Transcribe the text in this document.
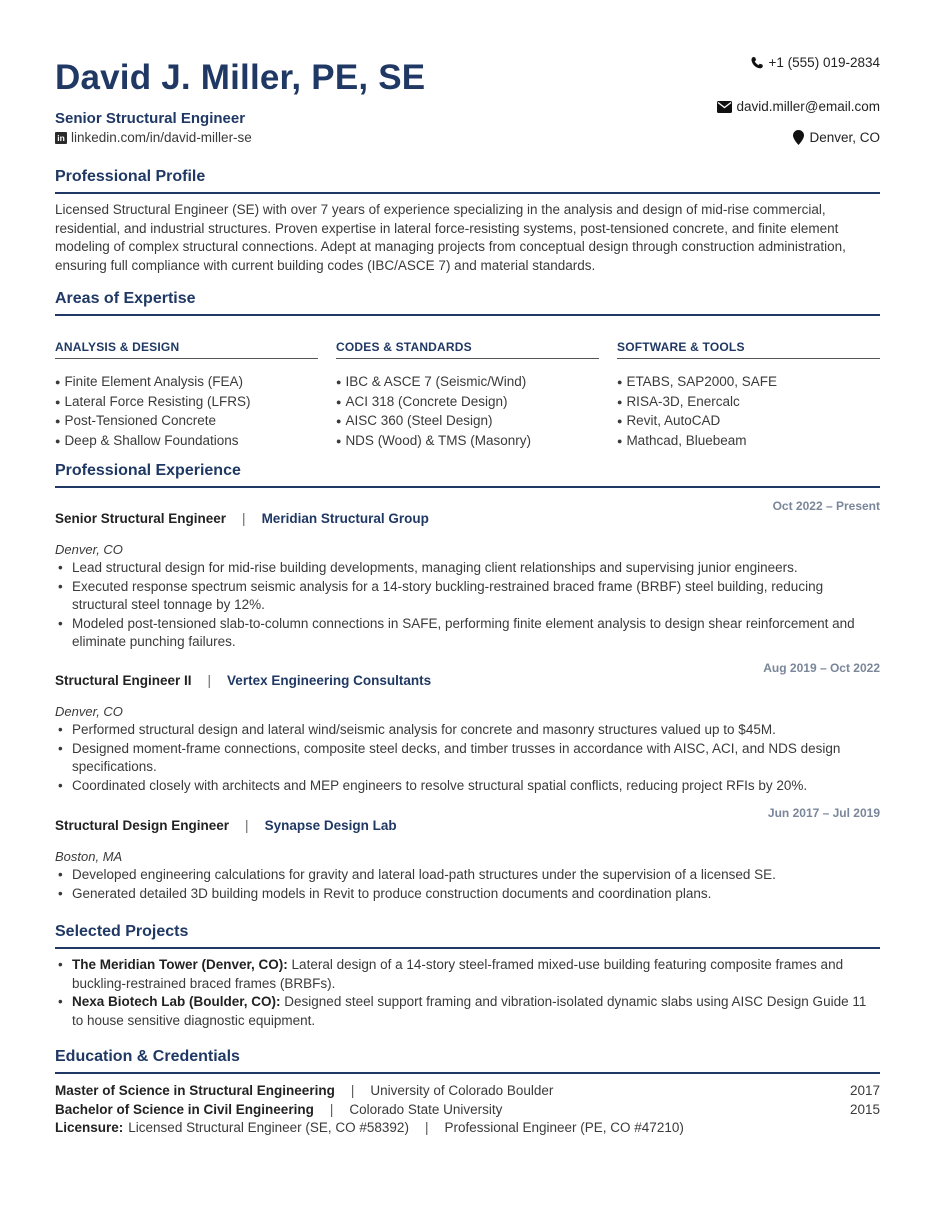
David J. Miller, PE, SE
Senior Structural Engineer
in linkedin.com/in/david-miller-se
+1 (555) 019-2834
david.miller@email.com
Denver, CO
Professional Profile

Licensed Structural Engineer (SE) with over 7 years of experience specializing in the analysis and design of mid-rise commercial, residential, and industrial structures. Proven expertise in lateral force-resisting systems, post-tensioned concrete, and finite element modeling of complex structural connections. Adept at managing projects from conceptual design through construction administration, ensuring full compliance with current building codes (IBC/ASCE 7) and material standards.

Areas of Expertise
ANALYSIS & DESIGN
● Finite Element Analysis (FEA)
● Lateral Force Resisting (LFRS)
● Post-Tensioned Concrete
● Deep & Shallow Foundations
CODES & STANDARDS
● IBC & ASCE 7 (Seismic/Wind)
● ACI 318 (Concrete Design)
● AISC 360 (Steel Design)
● NDS (Wood) & TMS (Masonry)
SOFTWARE & TOOLS
● ETABS, SAP2000, SAFE
● RISA-3D, Enercalc
● Revit, AutoCAD
● Mathcad, Bluebeam
Professional Experience
Oct 2022 – Present
Senior Structural Engineer | Meridian Structural Group
Denver, CO
• Lead structural design for mid-rise building developments, managing client relationships and supervising junior engineers.
• Executed response spectrum seismic analysis for a 14-story buckling-restrained braced frame (BRBF) steel building, reducing structural steel tonnage by 12%.
• Modeled post-tensioned slab-to-column connections in SAFE, performing finite element analysis to design shear reinforcement and eliminate punching failures.
Aug 2019 – Oct 2022
Structural Engineer II | Vertex Engineering Consultants
Denver, CO
• Performed structural design and lateral wind/seismic analysis for concrete and masonry structures valued up to $45M.
• Designed moment-frame connections, composite steel decks, and timber trusses in accordance with AISC, ACI, and NDS design specifications.
• Coordinated closely with architects and MEP engineers to resolve structural spatial conflicts, reducing project RFIs by 20%.
Jun 2017 – Jul 2019
Structural Design Engineer | Synapse Design Lab
Boston, MA
• Developed engineering calculations for gravity and lateral load-path structures under the supervision of a licensed SE.
• Generated detailed 3D building models in Revit to produce construction documents and coordination plans.
Selected Projects
• The Meridian Tower (Denver, CO): Lateral design of a 14-story steel-framed mixed-use building featuring composite frames and buckling-restrained braced frames (BRBFs).
• Nexa Biotech Lab (Boulder, CO): Designed steel support framing and vibration-isolated dynamic slabs using AISC Design Guide 11 to house sensitive diagnostic equipment.
Education & Credentials
Master of Science in Structural Engineering | University of Colorado Boulder	2017
Bachelor of Science in Civil Engineering | Colorado State University	2015
Licensure: Licensed Structural Engineer (SE, CO #58392) | Professional Engineer (PE, CO #47210)
